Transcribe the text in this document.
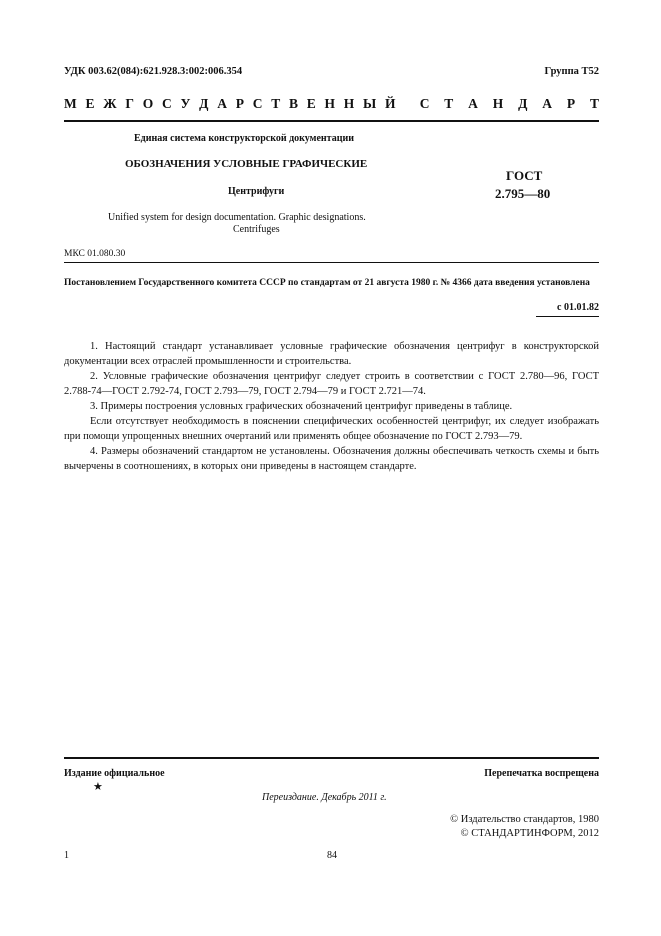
УДК 003.62(084):621.928.3:002:006.354	Группа Т52
М Е Ж Г О С У Д А Р С Т В Е Н Н Ы Й С Т А Н Д А Р Т
Единая система конструкторской документации
ОБОЗНАЧЕНИЯ УСЛОВНЫЕ ГРАФИЧЕСКИЕ
Центрифуги
ГОСТ
2.795—80
Unified system for design documentation. Graphic designations.
Centrifuges
МКС 01.080.30
Постановлением Государственного комитета СССР по стандартам от 21 августа 1980 г. № 4366 дата введения установлена
с 01.01.82

1. Настоящий стандарт устанавливает условные графические обозначения центрифуг в конструкторской документации всех отраслей промышленности и строительства.

2. Условные графические обозначения центрифуг следует строить в соответствии с ГОСТ 2.780—96, ГОСТ 2.788-74—ГОСТ 2.792-74, ГОСТ 2.793—79, ГОСТ 2.794—79 и ГОСТ 2.721—74.

3. Примеры построения условных графических обозначений центрифуг приведены в таблице.

Если отсутствует необходимость в пояснении специфических особенностей центрифуг, их следует изображать при помощи упрощенных внешних очертаний или применять общее обозначение по ГОСТ 2.793—79.

4. Размеры обозначений стандартом не установлены. Обозначения должны обеспечивать четкость схемы и быть вычерчены в соотношениях, в которых они приведены в настоящем стандарте.

Издание официальное
★
Перепечатка воспрещена
Переиздание. Декабрь 2011 г.
© Издательство стандартов, 1980
© СТАНДАРТИНФОРМ, 2012
1	84
